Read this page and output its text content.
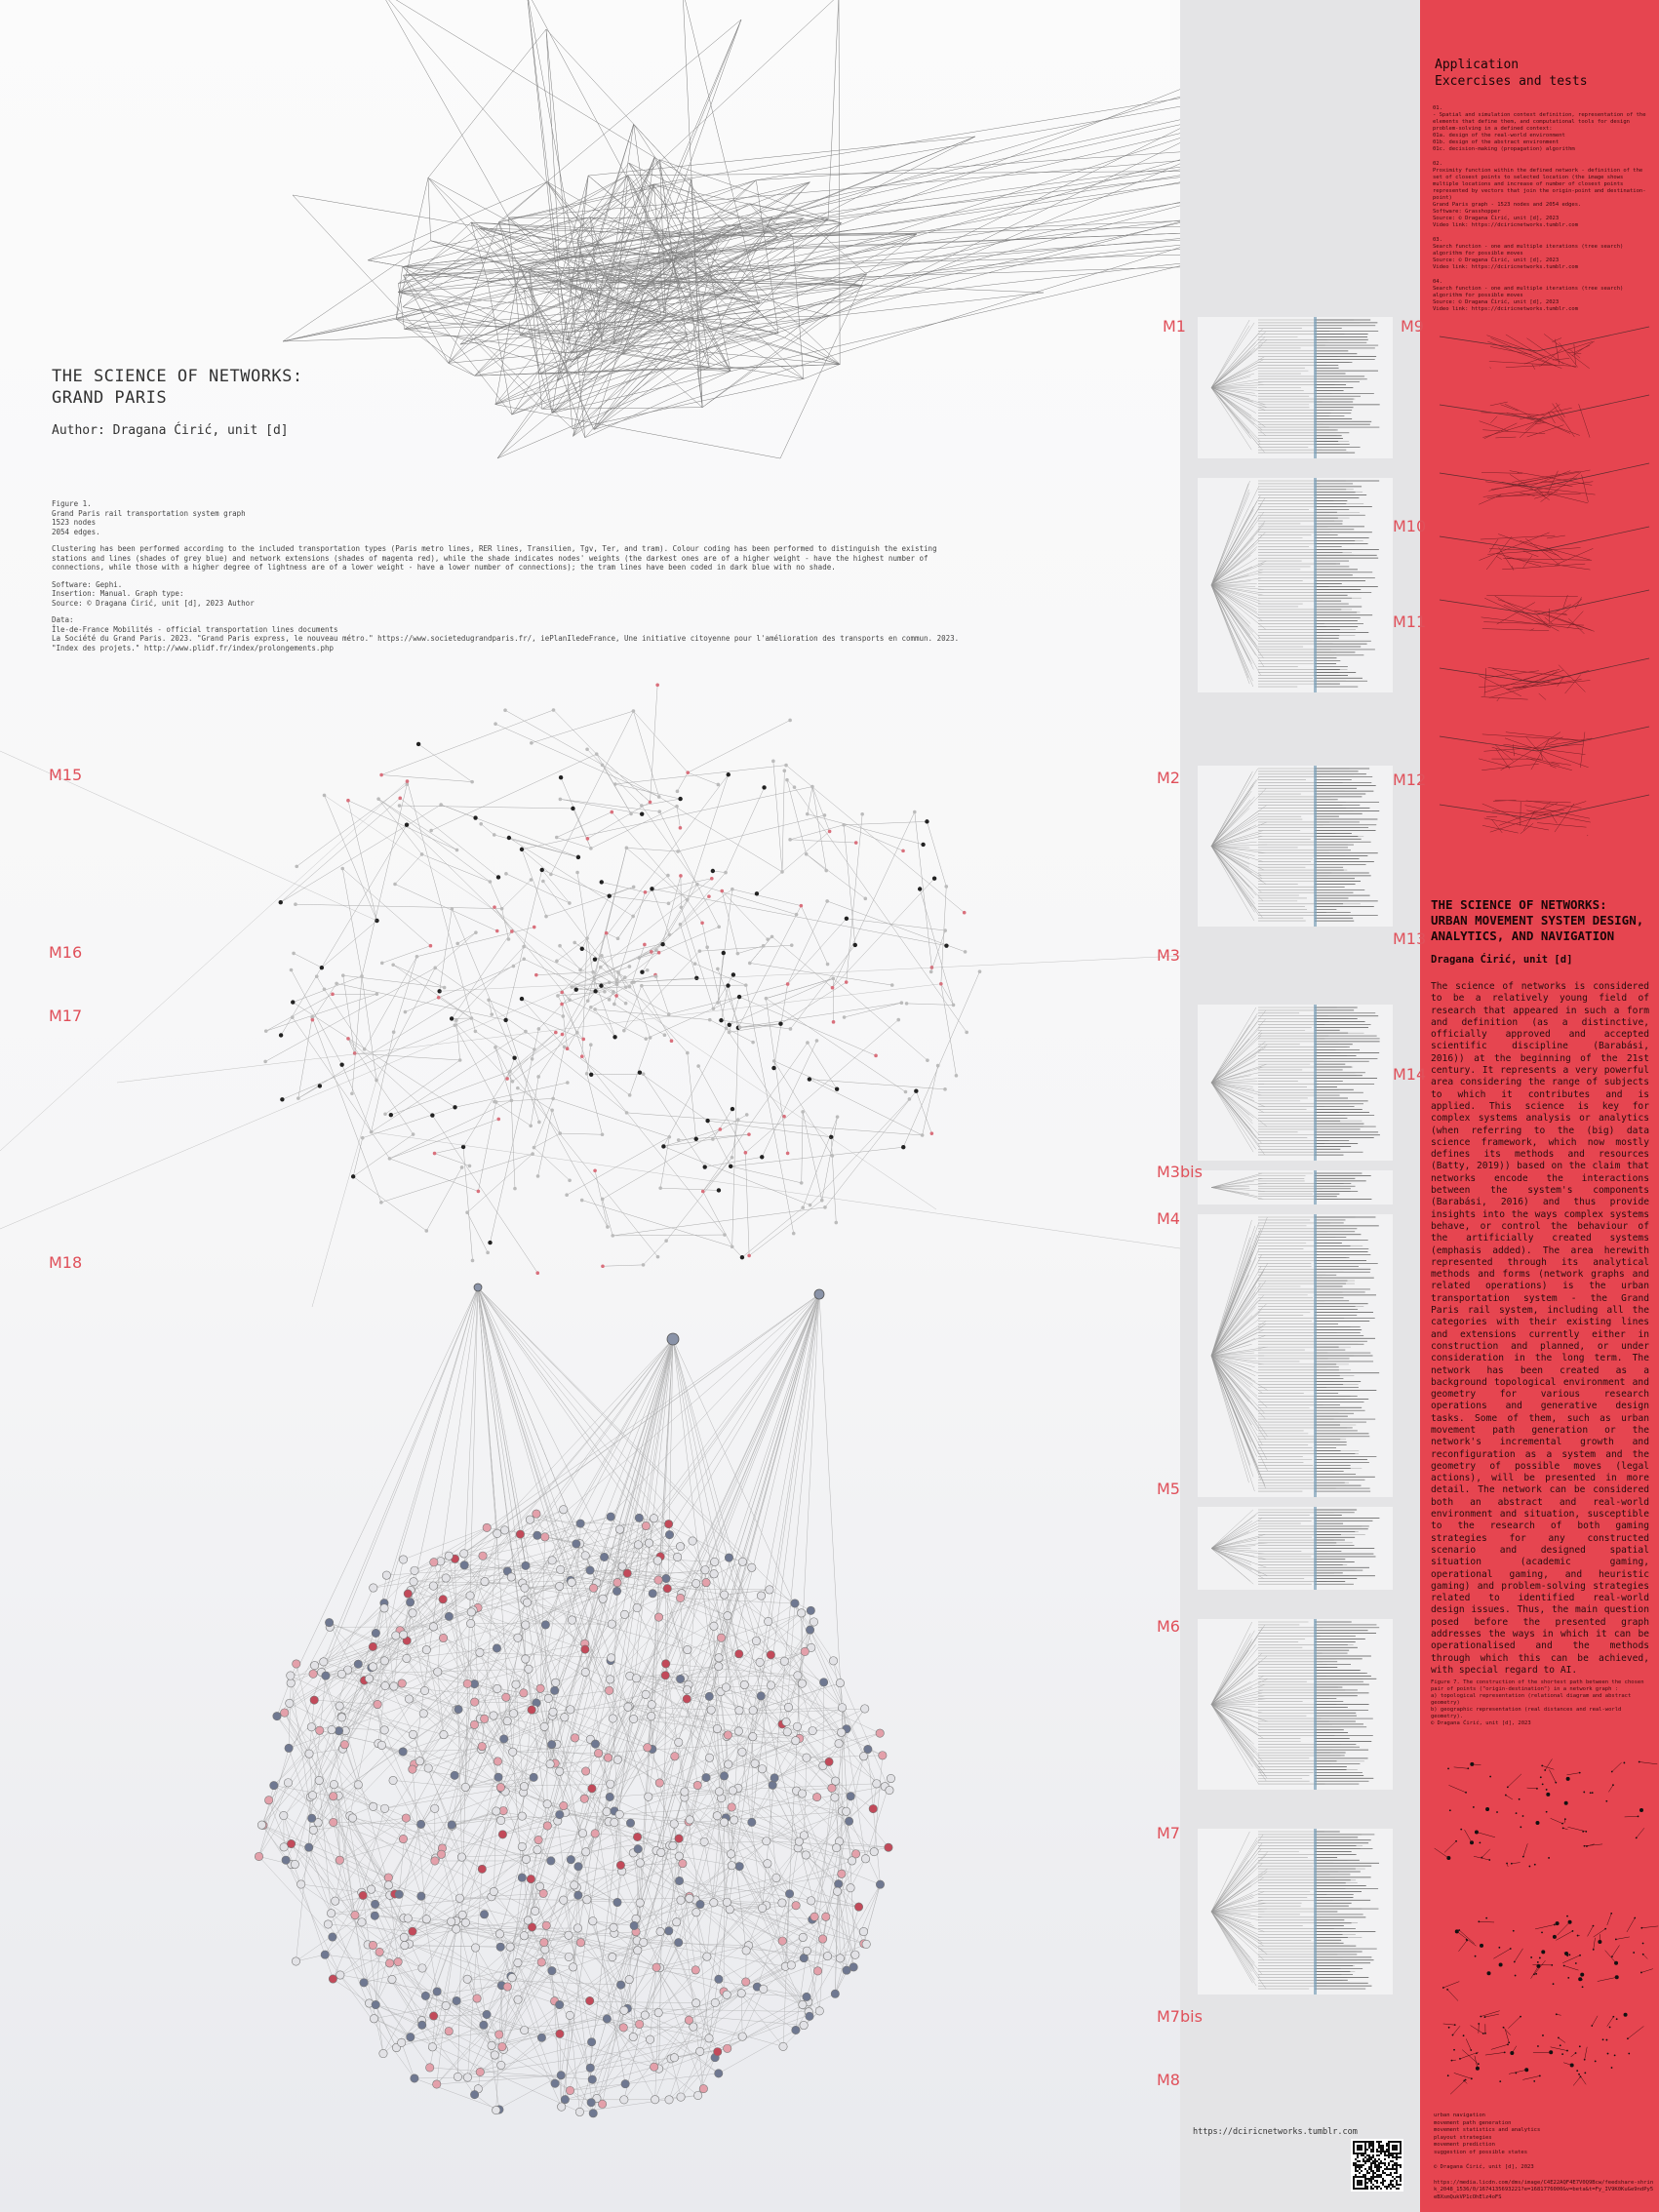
THE SCIENCE OF NETWORKS:
GRAND PARIS
Author: Dragana Ćirić, unit [d]

Figure 1.
Grand Paris rail transportation system graph
1523 nodes
2054 edges.

Clustering has been performed according to the included transportation types (Paris metro lines, RER lines, Transilien, Tgv, Ter, and tram). Colour coding has been performed to distinguish the existing stations and lines (shades of grey blue) and network extensions (shades of magenta red), while the shade indicates nodes' weights (the darkest ones are of a higher weight - have the highest number of connections, while those with a higher degree of lightness are of a lower weight - have a lower number of connections); the tram lines have been coded in dark blue with no shade.

Software: Gephi.
Insertion: Manual. Graph type:
Source: © Dragana Ćirić, unit [d], 2023 Author

Data:
Île-de-France Mobilités - official transportation lines documents
La Société du Grand Paris. 2023. "Grand Paris express, le nouveau métro." https://www.societedugrandparis.fr/, iePlanIledeFrance, Une initiative citoyenne pour l'amélioration des transports en commun. 2023. "Index des projets." http://www.plidf.fr/index/prolongements.php

M15
M16
M17
M18
M1
M2
M3
M3bis
M4
M5
M6
M7
M7bis
M8
M9
M10
M11
M12
M13
M14
Application
Excercises and tests

01.
- Spatial and simulation context definition, representation of the elements that define them, and computational tools for design problem-solving in a defined context:
01a. design of the real-world environment
01b. design of the abstract environment
01c. decision-making (propagation) algorithm

02.
Proximity function within the defined network - definition of the set of closest points to selected location (the image shows multiple locations and increase of number of closest points represented by vectors that join the origin-point and destination-point)
Grand Paris graph - 1523 nodes and 2054 edges.
Software: Grasshopper
Source: © Dragana Ćirić, unit [d], 2023
Video link: https://dciricnetworks.tumblr.com

03.
Search function - one and multiple iterations (tree search) algorithm for possible moves
Source: © Dragana Ćirić, unit [d], 2023
Video link: https://dciricnetworks.tumblr.com

04.
Search function - one and multiple iterations (tree search) algorithm for possible moves
Source: © Dragana Ćirić, unit [d], 2023
Video link: https://dciricnetworks.tumblr.com

THE SCIENCE OF NETWORKS:
URBAN MOVEMENT SYSTEM DESIGN,
ANALYTICS, AND NAVIGATION
Dragana Ćirić, unit [d]
The science of networks is considered to be a relatively young field of research that appeared in such a form and definition (as a distinctive, officially approved and accepted scientific discipline (Barabási, 2016)) at the beginning of the 21st century. It represents a very powerful area considering the range of subjects to which it contributes and is applied. This science is key for complex systems analysis or analytics (when referring to the (big) data science framework, which now mostly defines its methods and resources (Batty, 2019)) based on the claim that networks encode the interactions between the system's components (Barabási, 2016) and thus provide insights into the ways complex systems behave, or control the behaviour of the artificially created systems (emphasis added). The area herewith represented through its analytical methods and forms (network graphs and related operations) is the urban transportation system - the Grand Paris rail system, including all the categories with their existing lines and extensions currently either in construction and planned, or under consideration in the long term. The network has been created as a background topological environment and geometry for various research operations and generative design tasks. Some of them, such as urban movement path generation or the network's incremental growth and reconfiguration as a system and the geometry of possible moves (legal actions), will be presented in more detail. The network can be considered both an abstract and real-world environment and situation, susceptible to the research of both gaming strategies for any constructed scenario and designed spatial situation (academic gaming, operational gaming, and heuristic gaming) and problem-solving strategies related to identified real-world design issues. Thus, the main question posed before the presented graph addresses the ways in which it can be operationalised and the methods through which this can be achieved, with special regard to AI.
Figure 7. The construction of the shortest path between the chosen pair of points ("origin-destination") in a network graph :
a) topological representation (relational diagram and abstract geometry)
b) geographic representation (real distances and real-world geometry).
© Dragana Ćirić, unit [d], 2023
urban navigation
movement path generation
movement statistics and analytics
playout strategies
movement prediction
suggestion of possible states
© Dragana Ćirić, unit [d], 2023
https://media.licdn.com/dms/image/C4E22AQF4E7V0Q9Bcw/feedshare-shrink_2048_1536/0/1674135693221?e=1681776000&v=beta&t=Fy_IV9K0KuGe9ndPy5eBXsmQukVP1cOhElz4oFS
https://dciricnetworks.tumblr.com
